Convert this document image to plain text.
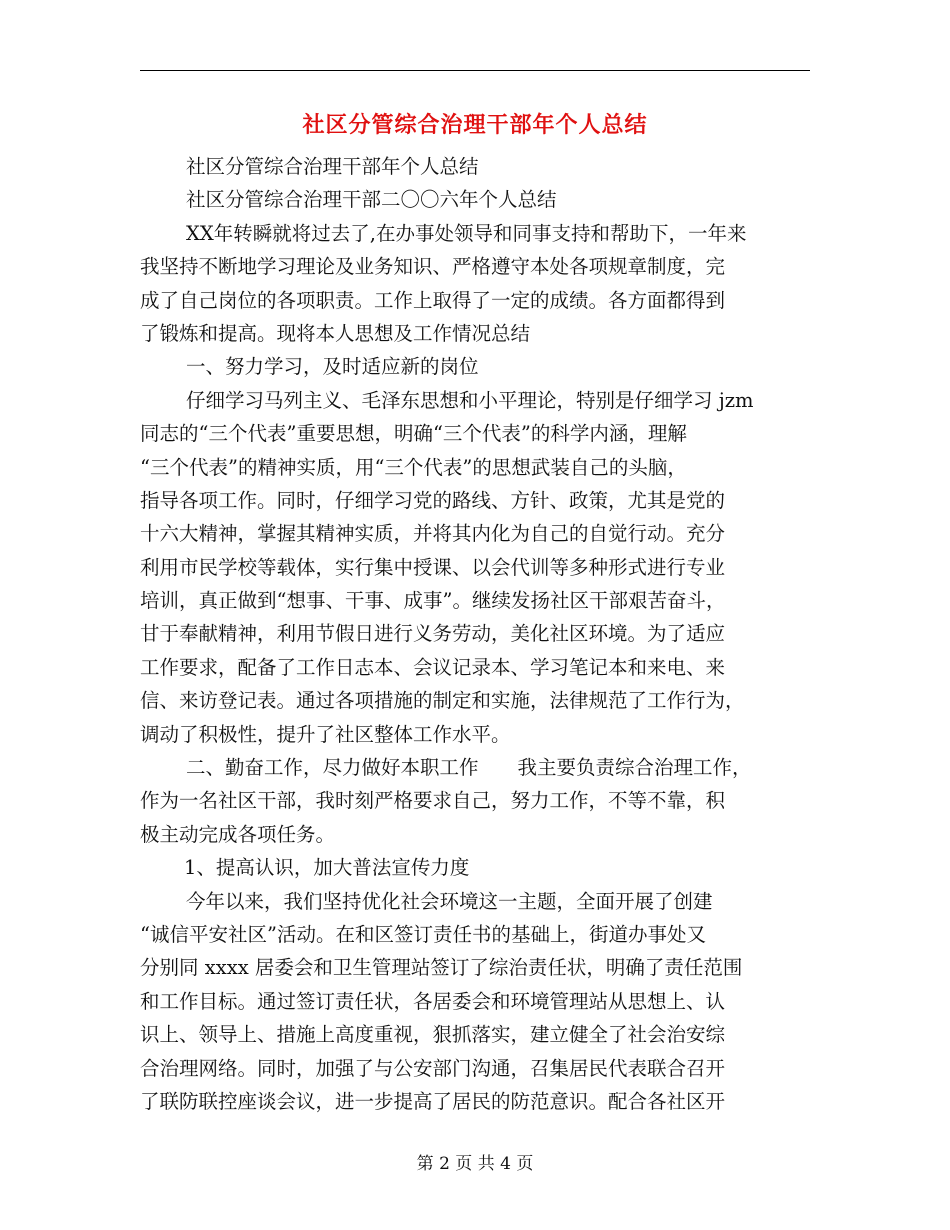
社区分管综合治理干部年个人总结
社区分管综合治理干部年个人总结
社区分管综合治理干部二〇〇六年个人总结
XX年转瞬就将过去了,在办事处领导和同事支持和帮助下，一年来
我坚持不断地学习理论及业务知识、严格遵守本处各项规章制度，完
成了自己岗位的各项职责。工作上取得了一定的成绩。各方面都得到
了锻炼和提高。现将本人思想及工作情况总结
一、努力学习，及时适应新的岗位
仔细学习马列主义、毛泽东思想和小平理论，特别是仔细学习 jzm
同志的“三个代表”重要思想，明确“三个代表”的科学内涵，理解
“三个代表”的精神实质，用“三个代表”的思想武装自己的头脑，
指导各项工作。同时，仔细学习党的路线、方针、政策，尤其是党的
十六大精神，掌握其精神实质，并将其内化为自己的自觉行动。充分
利用市民学校等载体，实行集中授课、以会代训等多种形式进行专业
培训，真正做到“想事、干事、成事”。继续发扬社区干部艰苦奋斗，
甘于奉献精神，利用节假日进行义务劳动，美化社区环境。为了适应
工作要求，配备了工作日志本、会议记录本、学习笔记本和来电、来
信、来访登记表。通过各项措施的制定和实施，法律规范了工作行为，
调动了积极性，提升了社区整体工作水平。
二、勤奋工作，尽力做好本职工作　　我主要负责综合治理工作，
作为一名社区干部，我时刻严格要求自己，努力工作，不等不靠，积
极主动完成各项任务。
1、提高认识，加大普法宣传力度
今年以来，我们坚持优化社会环境这一主题，全面开展了创建
“诚信平安社区”活动。在和区签订责任书的基础上，街道办事处又
分别同 xxxx 居委会和卫生管理站签订了综治责任状，明确了责任范围
和工作目标。通过签订责任状，各居委会和环境管理站从思想上、认
识上、领导上、措施上高度重视，狠抓落实，建立健全了社会治安综
合治理网络。同时，加强了与公安部门沟通，召集居民代表联合召开
了联防联控座谈会议，进一步提高了居民的防范意识。配合各社区开
第 2 页 共 4 页
